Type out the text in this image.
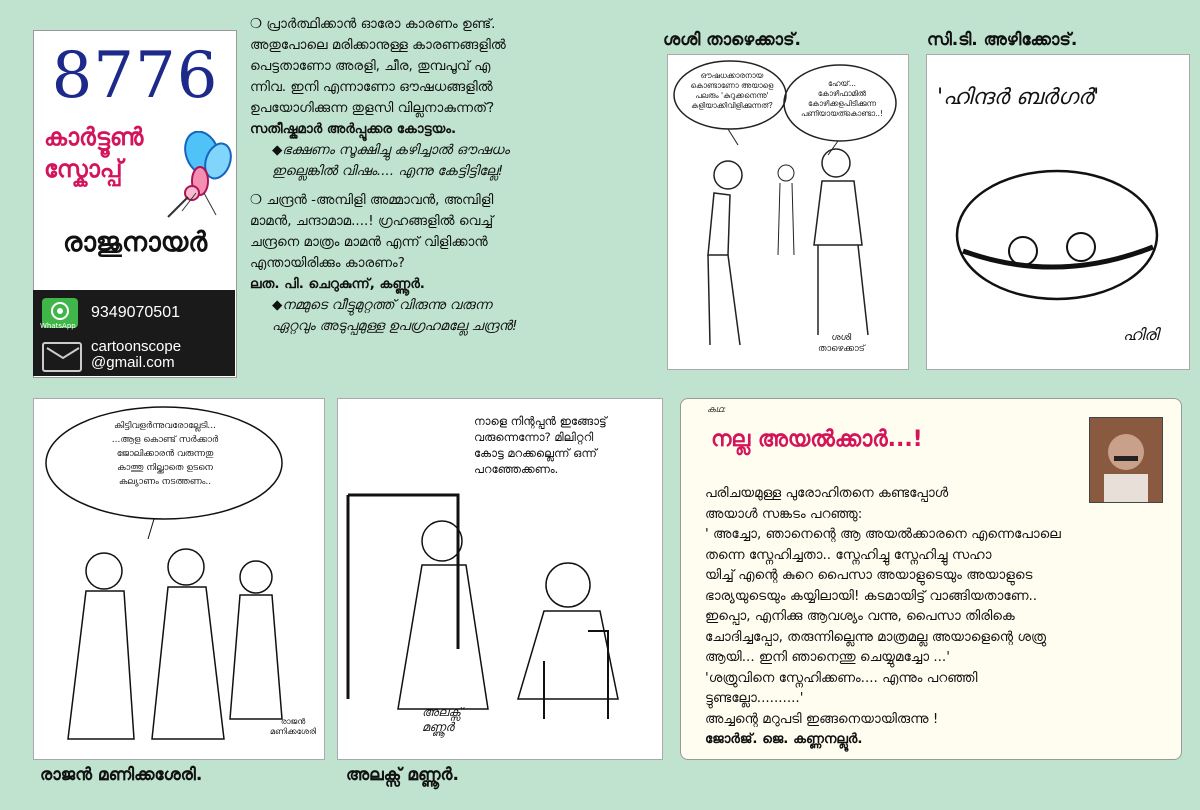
8776
കാർട്ടൂൺ
സ്കോപ്പ്
രാജുനായർ
WhatsApp
9349070501
cartoonscope
@gmail.com
❍ പ്രാർത്ഥിക്കാൻ ഓരോ കാരണം ഉണ്ട്.
അതുപോലെ മരിക്കാനുള്ള കാരണങ്ങളിൽ
പെട്ടതാണോ അരളി, ചീര, തുമ്പപൂവ് എ
ന്നിവ. ഇനി എന്നാണോ ഔഷധങ്ങളിൽ
ഉപയോഗിക്കുന്ന തുളസി വില്ലനാകുന്നത്?
സതീഷ്കുമാർ അർപ്പൂക്കര കോട്ടയം.
◆ഭക്ഷണം സൂക്ഷിച്ചു കഴിച്ചാൽ ഔഷധം
ഇല്ലെങ്കിൽ വിഷം.... എന്നു കേട്ടിട്ടില്ലേ!
❍ ചന്ദ്രൻ -അമ്പിളി അമ്മാവൻ, അമ്പിളി
മാമൻ, ചന്ദാമാമ....! ഗ്രഹങ്ങളിൽ വെച്ച്
ചന്ദ്രനെ മാത്രം മാമൻ എന്ന് വിളിക്കാൻ
എന്തായിരിക്കും കാരണം?
ലത. പി. ചെറുകുന്ന്, കണ്ണൂർ.
◆നമ്മുടെ വീട്ടുമുറ്റത്ത് വിരുന്നു വരുന്ന
ഏറ്റവും അടുപ്പമുള്ള ഉപഗ്രഹമല്ലേ ചന്ദ്രൻ!
ശശി താഴെക്കാട്.
ഔഷധക്കാരനായ
കൊണ്ടാണോ അയാളെ
പലരും 'കുറുക്കനെന്നു'
കളിയാക്കിവിളിക്കുന്നത്?
ഹേയ്...
കോഴിഫാമിൽ
കോഴിക്കളപിടിക്കുന്ന
പണിയായത്കൊണ്ടാ..!
ശശി
താഴെക്കാട്
സി.ടി. അഴിക്കോട്.
'ഹിന്ദർ ബർഗർ'
ഹിരി
കിട്ടിവളർന്നുവരോല്ലേടി...
...ആള കൊണ്ട് സർക്കാർ
ജോലിക്കാരൻ വരുന്നതു
കാത്തു നില്ക്കാതെ ഉടനെ
കല്യാണം നടത്തണം..
രാജൻ
മണിക്കശേരി
രാജൻ മണിക്കശേരി.
നാളെ നിന്റപ്പൻ ഇങ്ങോട്ട്
വരുന്നെന്നോ? മിലിറ്ററി
കോട്ട മറക്കല്ലെന്ന് ഒന്ന്
പറഞ്ഞേക്കണം.
അലക്സ്
മണ്ണൂർ
അലക്സ് മണ്ണൂർ.
കഥ:
നല്ല അയൽക്കാർ...!
പരിചയമുള്ള പുരോഹിതനെ കണ്ടപ്പോൾ
അയാൾ സങ്കടം പറഞ്ഞു:
' അച്ചോ, ഞാനെന്റെ ആ അയൽക്കാരനെ എന്നെപോലെ
തന്നെ സ്നേഹിച്ചതാ.. സ്നേഹിച്ചു സ്നേഹിച്ചു സഹാ
യിച്ച് എന്റെ കുറെ പൈസാ അയാളുടെയും അയാളുടെ
ഭാര്യയുടെയും കയ്യിലായി! കടമായിട്ട് വാങ്ങിയതാണേ..
ഇപ്പൊ, എനിക്കു ആവശ്യം വന്നു, പൈസാ തിരികെ
ചോദിച്ചപ്പോ, തരുന്നില്ലെന്നു മാത്രമല്ല അയാളെന്റെ ശത്രു
ആയി... ഇനി ഞാനെന്തു ചെയ്യുമച്ചോ ...'
'ശത്രുവിനെ സ്നേഹിക്കണം.... എന്നും പറഞ്ഞി
ട്ടുണ്ടല്ലോ..........'
അച്ചന്റെ മറുപടി ഇങ്ങനെയായിരുന്നു !
ജോർജ്. ജെ. കണ്ണനല്ലൂർ.
